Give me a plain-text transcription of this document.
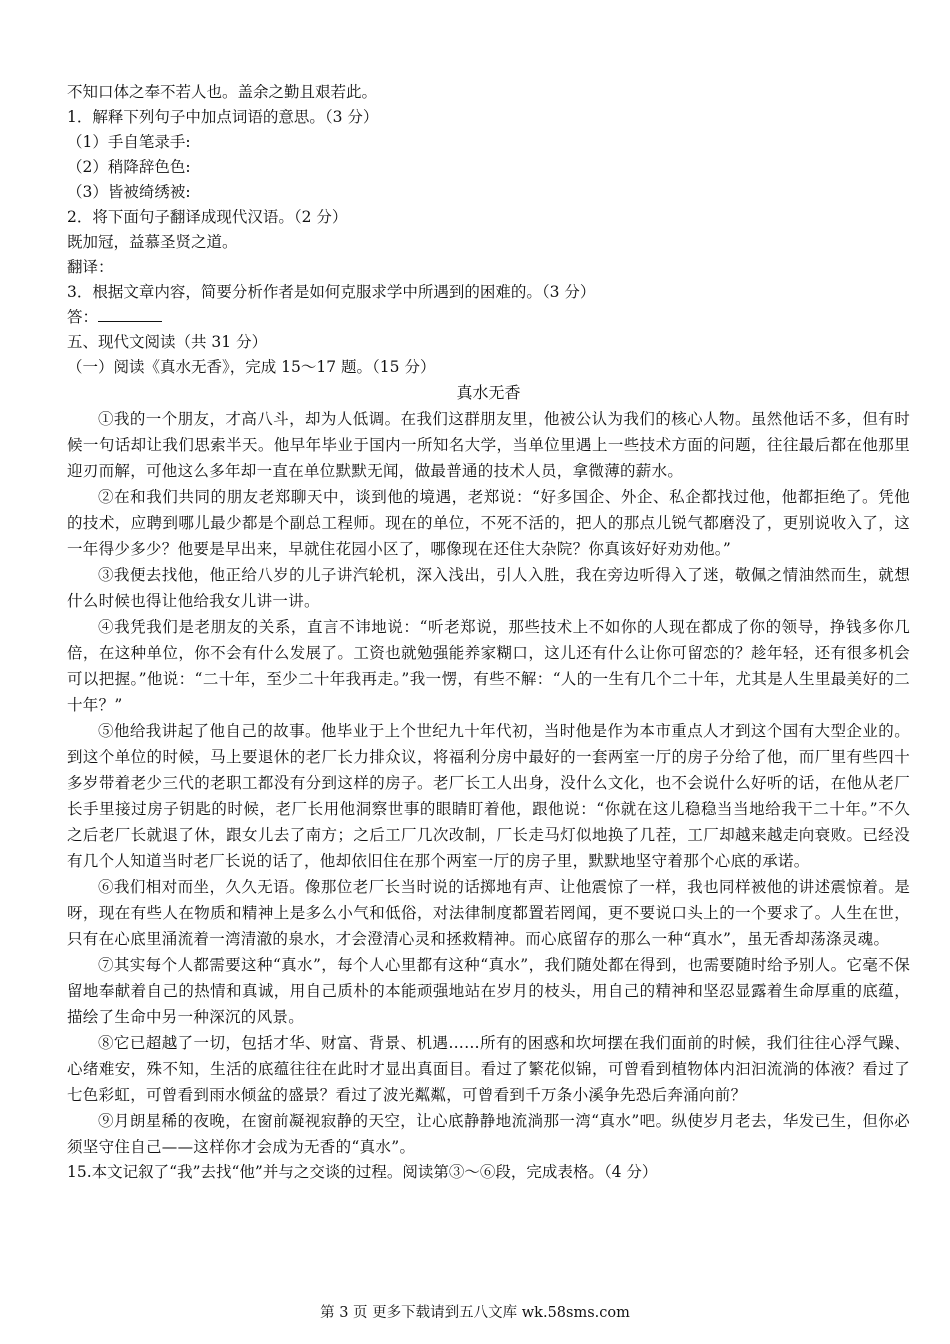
不知口体之奉不若人也。盖余之勤且艰若此。
1．解释下列句子中加点词语的意思。（3 分）
（1）手自笔录手:
（2）稍降辞色色:
（3）皆被绮绣被:
2．将下面句子翻译成现代汉语。（2 分）
既加冠，益慕圣贤之道。
翻译：
3．根据文章内容，简要分析作者是如何克服求学中所遇到的困难的。（3 分）
答：
五、现代文阅读（共 31 分）
（一）阅读《真水无香》，完成 15～17 题。（15 分）

真水无香

①我的一个朋友，才高八斗，却为人低调。在我们这群朋友里，他被公认为我们的核心人物。虽然他话不多，但有时候一句话却让我们思索半天。他早年毕业于国内一所知名大学，当单位里遇上一些技术方面的问题，往往最后都在他那里迎刃而解，可他这么多年却一直在单位默默无闻，做最普通的技术人员，拿微薄的薪水。

②在和我们共同的朋友老郑聊天中，谈到他的境遇，老郑说：“好多国企、外企、私企都找过他，他都拒绝了。凭他的技术，应聘到哪儿最少都是个副总工程师。现在的单位，不死不活的，把人的那点儿锐气都磨没了，更别说收入了，这一年得少多少？他要是早出来，早就住花园小区了，哪像现在还住大杂院？你真该好好劝劝他。”

③我便去找他，他正给八岁的儿子讲汽轮机，深入浅出，引人入胜，我在旁边听得入了迷，敬佩之情油然而生，就想什么时候也得让他给我女儿讲一讲。

④我凭我们是老朋友的关系，直言不讳地说：“听老郑说，那些技术上不如你的人现在都成了你的领导，挣钱多你几倍，在这种单位，你不会有什么发展了。工资也就勉强能养家糊口，这儿还有什么让你可留恋的？趁年轻，还有很多机会可以把握。”他说：“二十年，至少二十年我再走。”我一愣，有些不解：“人的一生有几个二十年，尤其是人生里最美好的二十年？”

⑤他给我讲起了他自己的故事。他毕业于上个世纪九十年代初，当时他是作为本市重点人才到这个国有大型企业的。到这个单位的时候，马上要退休的老厂长力排众议，将福利分房中最好的一套两室一厅的房子分给了他，而厂里有些四十多岁带着老少三代的老职工都没有分到这样的房子。老厂长工人出身，没什么文化，也不会说什么好听的话，在他从老厂长手里接过房子钥匙的时候，老厂长用他洞察世事的眼睛盯着他，跟他说：“你就在这儿稳稳当当地给我干二十年。”不久之后老厂长就退了休，跟女儿去了南方；之后工厂几次改制，厂长走马灯似地换了几茬，工厂却越来越走向衰败。已经没有几个人知道当时老厂长说的话了，他却依旧住在那个两室一厅的房子里，默默地坚守着那个心底的承诺。

⑥我们相对而坐，久久无语。像那位老厂长当时说的话掷地有声、让他震惊了一样，我也同样被他的讲述震惊着。是呀，现在有些人在物质和精神上是多么小气和低俗，对法律制度都置若罔闻，更不要说口头上的一个要求了。人生在世，只有在心底里涌流着一湾清澈的泉水，才会澄清心灵和拯救精神。而心底留存的那么一种“真水”，虽无香却荡涤灵魂。

⑦其实每个人都需要这种“真水”，每个人心里都有这种“真水”，我们随处都在得到，也需要随时给予别人。它毫不保留地奉献着自己的热情和真诚，用自己质朴的本能顽强地站在岁月的枝头，用自己的精神和坚忍显露着生命厚重的底蕴，描绘了生命中另一种深沉的风景。

⑧它已超越了一切，包括才华、财富、背景、机遇……所有的困惑和坎坷摆在我们面前的时候，我们往往心浮气躁、心绪难安，殊不知，生活的底蕴往往在此时才显出真面目。看过了繁花似锦，可曾看到植物体内汩汩流淌的体液？看过了七色彩虹，可曾看到雨水倾盆的盛景？看过了波光粼粼，可曾看到千万条小溪争先恐后奔涌向前？

⑨月朗星稀的夜晚，在窗前凝视寂静的天空，让心底静静地流淌那一湾“真水”吧。纵使岁月老去，华发已生，但你必须坚守住自己——这样你才会成为无香的“真水”。

15.本文记叙了“我”去找“他”并与之交谈的过程。阅读第③～⑥段，完成表格。（4 分）
第 3 页 更多下载请到五八文库 wk.58sms.com
